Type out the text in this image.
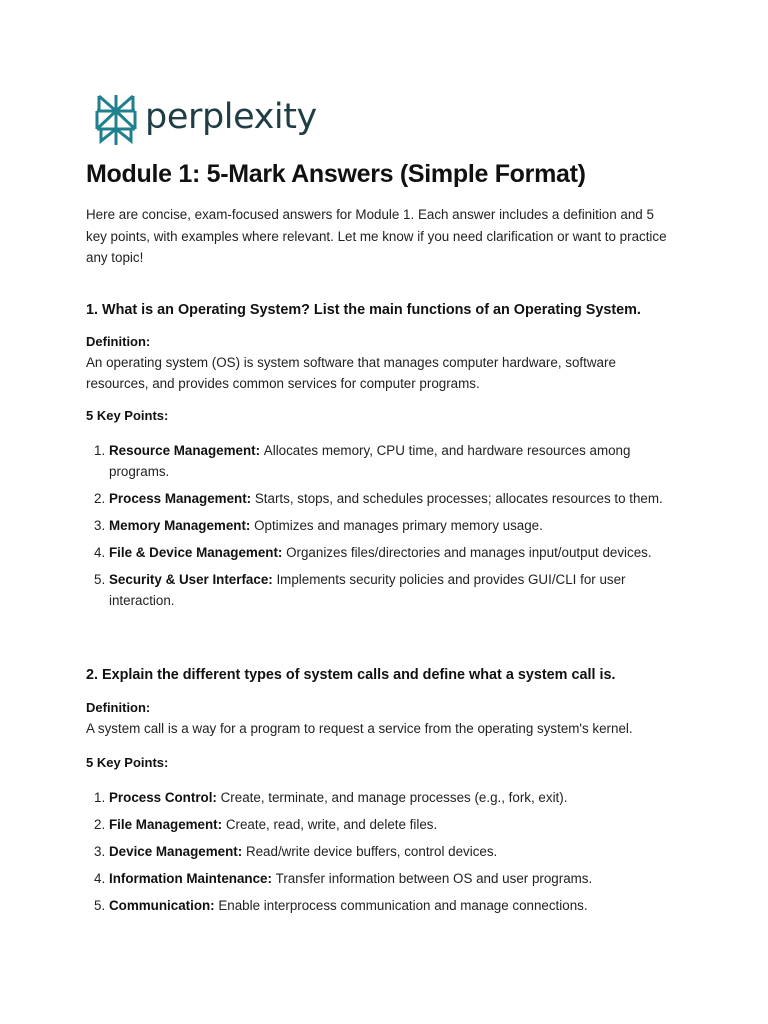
perplexity
Module 1: 5-Mark Answers (Simple Format)
Here are concise, exam-focused answers for Module 1. Each answer includes a definition and 5 key points, with examples where relevant. Let me know if you need clarification or want to practice any topic!
1. What is an Operating System? List the main functions of an Operating System.
Definition:
An operating system (OS) is system software that manages computer hardware, software resources, and provides common services for computer programs.
5 Key Points:
1. Resource Management: Allocates memory, CPU time, and hardware resources among programs.
2. Process Management: Starts, stops, and schedules processes; allocates resources to them.
3. Memory Management: Optimizes and manages primary memory usage.
4. File & Device Management: Organizes files/directories and manages input/output devices.
5. Security & User Interface: Implements security policies and provides GUI/CLI for user interaction.
2. Explain the different types of system calls and define what a system call is.
Definition:
A system call is a way for a program to request a service from the operating system's kernel.
5 Key Points:
1. Process Control: Create, terminate, and manage processes (e.g., fork, exit).
2. File Management: Create, read, write, and delete files.
3. Device Management: Read/write device buffers, control devices.
4. Information Maintenance: Transfer information between OS and user programs.
5. Communication: Enable interprocess communication and manage connections.
